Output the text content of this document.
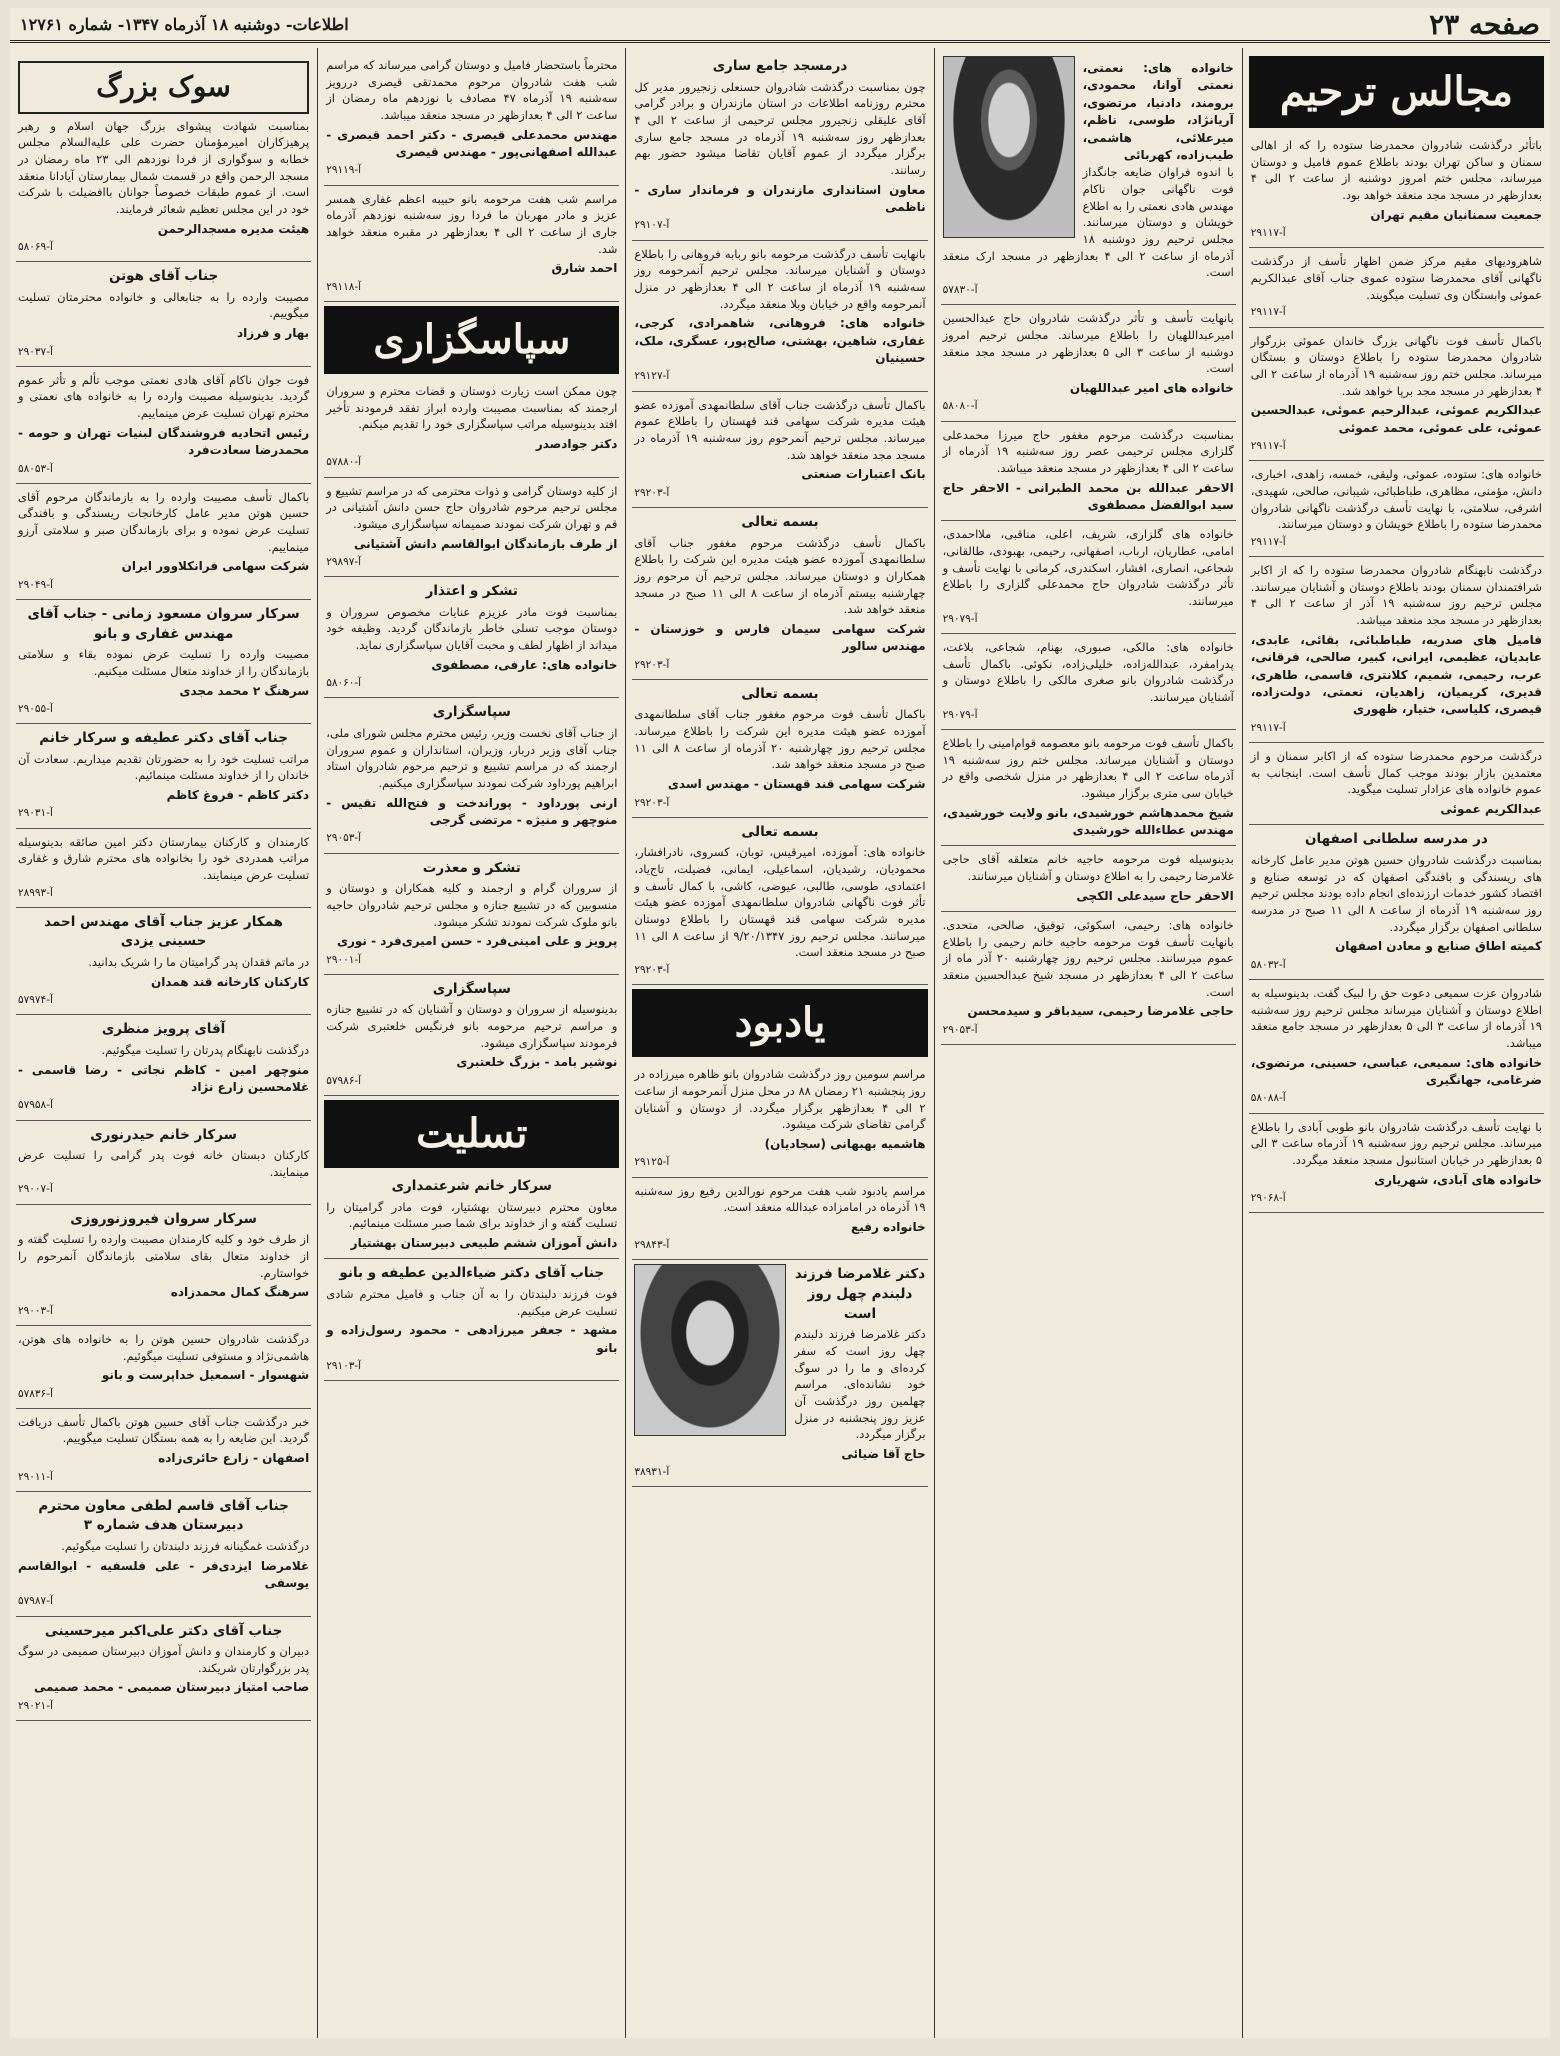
صفحه ۲۳
اطلاعات- دوشنبه ۱۸ آذرماه ۱۳۴۷- شماره ۱۲۷۶۱
مجالس ترحیم
باتأثر درگذشت شادروان محمدرضا ستوده را که از اهالی سمنان و ساکن تهران بودند باطلاع عموم فامیل و دوستان میرساند، مجلس ختم امروز دوشنبه از ساعت ۲ الی ۴ بعدازظهر در مسجد مجد منعقد خواهد بود.
جمعیت سمنانیان مقیم تهران
آ-۲۹۱۱۷
شاهرودیهای مقیم مرکز ضمن اظهار تأسف از درگذشت ناگهانی آقای محمدرضا ستوده عموی جناب آقای عبدالکریم عموئی وابستگان وی تسلیت میگویند.
آ-۲۹۱۱۷
باکمال تأسف فوت ناگهانی بزرگ خاندان عموئی بزرگوار شادروان محمدرضا ستوده را باطلاع دوستان و بستگان میرساند. مجلس ختم روز سه‌شنبه ۱۹ آذرماه از ساعت ۲ الی ۴ بعدازظهر در مسجد مجد برپا خواهد شد.
عبدالکریم عموئی، عبدالرحیم عموئی، عبدالحسین عموئی، علی عموئی، محمد عموئی
آ-۲۹۱۱۷
خانواده های: ستوده، عموئی، ولیقی، خمسه، زاهدی، اخباری، دانش، مؤمنی، مظاهری، طباطبائی، شیبانی، صالحی، شهیدی، اشرفی، سلامتی، با نهایت تأسف درگذشت ناگهانی شادروان محمدرضا ستوده را باطلاع خویشان و دوستان میرسانند.
آ-۲۹۱۱۷
درگذشت نابهنگام شادروان محمدرضا ستوده را که از اکابر شرافتمندان سمنان بودند باطلاع دوستان و آشنایان میرسانند. مجلس ترحیم روز سه‌شنبه ۱۹ آذر از ساعت ۲ الی ۴ بعدازظهر در مسجد مجد منعقد میباشد.
فامیل های صدریه، طباطبائی، بقائی، عابدی، عابدیان، عظیمی، ایرانی، کبیر، صالحی، فرقانی، عرب، رحیمی، شمیم، کلانتری، قاسمی، طاهری، قدیری، کریمیان، زاهدیان، نعمتی، دولت‌زاده، قیصری، کلیاسی، ختیار، ظهوری
آ-۲۹۱۱۷
درگذشت مرحوم محمدرضا ستوده که از اکابر سمنان و از معتمدین بازار بودند موجب کمال تأسف است. اینجانب به عموم خانواده های عزادار تسلیت میگوید.
عبدالکریم عموئی
در مدرسه سلطانی اصفهان
بمناسبت درگذشت شادروان حسین هوتن مدیر عامل کارخانه های ریسندگی و بافندگی اصفهان که در توسعه صنایع و اقتصاد کشور خدمات ارزنده‌ای انجام داده بودند مجلس ترحیم روز سه‌شنبه ۱۹ آذرماه از ساعت ۸ الی ۱۱ صبح در مدرسه سلطانی اصفهان برگزار میگردد.
کمیته اطاق صنایع و معادن اصفهان
آ-۵۸۰۳۲
شادروان عزت سمیعی دعوت حق را لبیک گفت. بدینوسیله به اطلاع دوستان و آشنایان میرساند مجلس ترحیم روز سه‌شنبه ۱۹ آذرماه از ساعت ۳ الی ۵ بعدازظهر در مسجد جامع منعقد میباشد.
خانواده های: سمیعی، عباسی، حسینی، مرتضوی، ضرغامی، جهانگیری
آ-۵۸۰۸۸
با نهایت تأسف درگذشت شادروان بانو طوبی آبادی را باطلاع میرساند. مجلس ترحیم روز سه‌شنبه ۱۹ آذرماه ساعت ۳ الی ۵ بعدازظهر در خیابان استانبول مسجد منعقد میگردد.
خانواده های آبادی، شهریاری
آ-۲۹۰۶۸
خانواده های: نعمتی، نعمتی آوانا، محمودی، برومند، دادنیا، مرتضوی، آریانژاد، طوسی، ناظم، میرعلائی، هاشمی، طیب‌زاده، کهربائی
با اندوه فراوان ضایعه جانگداز فوت ناگهانی جوان ناکام مهندس هادی نعمتی را به اطلاع خویشان و دوستان میرسانند. مجلس ترحیم روز دوشنبه ۱۸ آذرماه از ساعت ۲ الی ۴ بعدازظهر در مسجد ارک منعقد است.
آ-۵۷۸۳۰
بانهایت تأسف و تأثر درگذشت شادروان حاج عبدالحسین امیرعبداللهیان را باطلاع میرساند. مجلس ترحیم امروز دوشنبه از ساعت ۳ الی ۵ بعدازظهر در مسجد مجد منعقد است.
خانواده های امیر عبداللهیان
آ-۵۸۰۸۰
بمناسبت درگذشت مرحوم مغفور حاج میرزا محمدعلی گلزاری مجلس ترحیمی عصر روز سه‌شنبه ۱۹ آذرماه از ساعت ۲ الی ۴ بعدازظهر در مسجد منعقد میباشد.
الاحقر عبدالله بن محمد الطبرانی - الاحقر حاج سید ابوالفضل مصطفوی
خانواده های گلزاری، شریف، اعلی، مناقبی، ملااحمدی، امامی، عطاریان، ارباب، اصفهانی، رحیمی، بهبودی، طالقانی، شجاعی، انصاری، افشار، اسکندری، کرمانی با نهایت تأسف و تأثر درگذشت شادروان حاج محمدعلی گلزاری را باطلاع میرسانند.
آ-۲۹۰۷۹
خانواده های: مالکی، صبوری، بهنام، شجاعی، بلاغت، پدرامفرد، عبدالله‌زاده، خلیلی‌زاده، نکوئی. باکمال تأسف درگذشت شادروان بانو صغری مالکی را باطلاع دوستان و آشنایان میرسانند.
آ-۲۹۰۷۹
باکمال تأسف فوت مرحومه بانو معصومه قوام‌امینی را باطلاع دوستان و آشنایان میرساند. مجلس ختم روز سه‌شنبه ۱۹ آذرماه ساعت ۲ الی ۴ بعدازظهر در منزل شخصی واقع در خیابان سی متری برگزار میشود.
شیخ محمدهاشم خورشیدی، بانو ولایت خورشیدی، مهندس عطاءالله خورشیدی
بدینوسیله فوت مرحومه حاجیه خانم متعلقه آقای حاجی غلامرضا رحیمی را به اطلاع دوستان و آشنایان میرسانند.
الاحقر حاج سیدعلی الکچی
خانواده های: رحیمی، اسکوئی، توفیق، صالحی، متحدی. بانهایت تأسف فوت مرحومه حاجیه خانم رحیمی را باطلاع عموم میرسانند. مجلس ترحیم روز چهارشنبه ۲۰ آذر ماه از ساعت ۲ الی ۴ بعدازظهر در مسجد شیخ عبدالحسین منعقد است.
حاجی غلامرضا رحیمی، سیدباقر و سیدمحسن
آ-۲۹۰۵۳
درمسجد جامع ساری
چون بمناسبت درگذشت شادروان حسنعلی زنجیرور مدیر کل محترم روزنامه اطلاعات در استان مازندران و برادر گرامی آقای علیقلی زنجیرور مجلس ترحیمی از ساعت ۲ الی ۴ بعدازظهر روز سه‌شنبه ۱۹ آذرماه در مسجد جامع ساری برگزار میگردد از عموم آقایان تقاضا میشود حضور بهم رسانند.
معاون استانداری مازندران و فرماندار ساری - ناظمی
آ-۲۹۱۰۷
بانهایت تأسف درگذشت مرحومه بانو ربابه فروهانی را باطلاع دوستان و آشنایان میرساند. مجلس ترحیم آنمرحومه روز سه‌شنبه ۱۹ آذرماه از ساعت ۲ الی ۴ بعدازظهر در منزل آنمرحومه واقع در خیابان وبلا منعقد میگردد.
خانواده های: فروهانی، شاهمرادی، کرجی، غفاری، شاهین، بهشتی، صالح‌پور، عسگری، ملک، حسینیان
آ-۲۹۱۲۷
باکمال تأسف درگذشت جناب آقای سلطانمهدی آموزده عضو هیئت مدیره شرکت سهامی قند قهستان را باطلاع عموم میرساند. مجلس ترحیم آنمرحوم روز سه‌شنبه ۱۹ آذرماه در مسجد مجد منعقد خواهد شد.
بانک اعتبارات صنعتی
آ-۲۹۲۰۳
بسمه تعالی
باکمال تأسف درگذشت مرحوم مغفور جناب آقای سلطانمهدی آموزده عضو هیئت مدیره این شرکت را باطلاع همکاران و دوستان میرساند. مجلس ترحیم آن مرحوم روز چهارشنبه بیستم آذرماه از ساعت ۸ الی ۱۱ صبح در مسجد منعقد خواهد شد.
شرکت سهامی سیمان فارس و خوزستان - مهندس سالور
آ-۲۹۲۰۳
بسمه تعالی
باکمال تأسف فوت مرحوم مغفور جناب آقای سلطانمهدی آموزده عضو هیئت مدیره این شرکت را باطلاع میرساند. مجلس ترحیم روز چهارشنبه ۲۰ آذرماه از ساعت ۸ الی ۱۱ صبح در مسجد منعقد خواهد شد.
شرکت سهامی قند قهستان - مهندس اسدی
آ-۲۹۲۰۳
بسمه تعالی
خانواده های: آموزده، امیرقیس، توبان، کسروی، نادرافشار، محمودیان، رشیدیان، اسماعیلی، ایمانی، فضیلت، تاج‌یاد، اعتمادی، طوسی، طالبی، عیوضی، کاشی، با کمال تأسف و تأثر فوت ناگهانی شادروان سلطانمهدی آموزده عضو هیئت مدیره شرکت سهامی قند قهستان را باطلاع دوستان میرسانند. مجلس ترحیم روز ۹/۲۰/۱۳۴۷ از ساعت ۸ الی ۱۱ صبح در مسجد منعقد است.
آ-۲۹۲۰۳
یادبود
مراسم سومین روز درگذشت شادروان بانو ظاهره میرزاده در روز پنجشنبه ۲۱ رمضان ۸۸ در محل منزل آنمرحومه از ساعت ۲ الی ۴ بعدازظهر برگزار میگردد. از دوستان و آشنایان گرامی تقاضای شرکت میشود.
هاشمیه بهبهانی (سجادیان)
آ-۲۹۱۲۵
مراسم یادبود شب هفت مرحوم نورالدین رفیع روز سه‌شنبه ۱۹ آذرماه در امامزاده عبدالله منعقد است.
خانواده رفیع
آ-۲۹۸۴۳
دکتر غلامرضا فرزند دلبندم چهل روز است
دکتر غلامرضا فرزند دلبندم چهل روز است که سفر کرده‌ای و ما را در سوگ خود نشانده‌ای. مراسم چهلمین روز درگذشت آن عزیز روز پنجشنبه در منزل برگزار میگردد.
حاج آقا ضیائی
آ-۳۸۹۳۱
محترماً باستحضار فامیل و دوستان گرامی میرساند که مراسم شب هفت شادروان مرحوم محمدتقی قیصری دررویز سه‌شنبه ۱۹ آذرماه ۴۷ مصادف با نوزدهم ماه رمضان از ساعت ۲ الی ۴ بعدازظهر در مسجد منعقد میباشد.
مهندس محمدعلی قیصری - دکتر احمد قیصری - عبدالله اصفهانی‌پور - مهندس قیصری
آ-۲۹۱۱۹
مراسم شب هفت مرحومه بانو حبیبه اعظم غفاری همسر عزیز و مادر مهربان ما فردا روز سه‌شنبه نوزدهم آذرماه جاری از ساعت ۲ الی ۴ بعدازظهر در مقبره منعقد خواهد شد.
احمد شارق
آ-۲۹۱۱۸
سپاسگزاری
چون ممکن است زیارت دوستان و قضات محترم و سروران ارجمند که بمناسبت مصیبت وارده ابراز تفقد فرمودند تأخیر افتد بدینوسیله مراتب سپاسگزاری خود را تقدیم میکنم.
دکتر جوادصدر
آ-۵۷۸۸۰
از کلیه دوستان گرامی و ذوات محترمی که در مراسم تشییع و مجلس ترحیم مرحوم شادروان حاج حسن دانش آشتیانی در قم و تهران شرکت نمودند صمیمانه سپاسگزاری میشود.
از طرف بازماندگان ابوالقاسم دانش آشتیانی
آ-۲۹۸۹۷
تشکر و اعتذار
بمناسبت فوت مادر عزیزم عنایات مخصوص سروران و دوستان موجب تسلی خاطر بازماندگان گردید. وظیفه خود میداند از اظهار لطف و محبت آقایان سپاسگزاری نماید.
خانواده های: عارفی، مصطفوی
آ-۵۸۰۶۰
سپاسگزاری
از جناب آقای نخست وزیر، رئیس محترم مجلس شورای ملی، جناب آقای وزیر دربار، وزیران، استانداران و عموم سروران ارجمند که در مراسم تشییع و ترحیم مرحوم شادروان استاد ابراهیم پورداود شرکت نمودند سپاسگزاری میکنیم.
ارنی پورداود - پوراندخت و فتح‌الله تقیس - منوچهر و منیژه - مرتضی گرجی
آ-۲۹۰۵۳
تشکر و معذرت
از سروران گرام و ارجمند و کلیه همکاران و دوستان و منسوبین که در تشییع جنازه و مجلس ترحیم شادروان حاجیه بانو ملوک شرکت نمودند تشکر میشود.
پرویز و علی امینی‌فرد - حسن امیری‌فرد - نوری
آ-۲۹۰۰۱
سپاسگزاری
بدینوسیله از سروران و دوستان و آشنایان که در تشییع جنازه و مراسم ترحیم مرحومه بانو فرنگیس خلعتبری شرکت فرمودند سپاسگزاری میشود.
نوشیر بامد - بزرگ خلعتبری
آ-۵۷۹۸۶
تسلیت
سرکار خانم شرعتمداری
معاون محترم دبیرستان بهشتیار، فوت مادر گرامیتان را تسلیت گفته و از خداوند برای شما صبر مسئلت مینمائیم.
دانش آموزان ششم طبیعی دبیرستان بهشتیار
جناب آقای دکتر ضیاءالدین عطیفه و بانو
فوت فرزند دلبندتان را به آن جناب و فامیل محترم شادی تسلیت عرض میکنیم.
مشهد - جعفر میرزادهی - محمود رسول‌زاده و بانو
آ-۲۹۱۰۳
سوک بزرگ
بمناسبت شهادت پیشوای بزرگ جهان اسلام و رهبر پرهیزکاران امیرمؤمنان حضرت علی علیه‌السلام مجلس خطابه و سوگواری از فردا نوزدهم الی ۲۳ ماه رمضان در مسجد الرحمن واقع در قسمت شمال بیمارستان آیادانا منعقد است. از عموم طبقات خصوصاً جوانان باافضیلت با شرکت خود در این مجلس تعظیم شعائر فرمایند.
هیئت مدیره مسجدالرحمن
آ-۵۸۰۶۹
جناب آقای هوتن
مصیبت وارده را به جنابعالی و خانواده محترمتان تسلیت میگوییم.
بهار و فرزاد
آ-۲۹۰۳۷
فوت جوان ناکام آقای هادی نعمتی موجب تألم و تأثر عموم گردید. بدینوسیله مصیبت وارده را به خانواده های نعمتی و محترم تهران تسلیت عرض مینماییم.
رئیس اتحادیه فروشندگان لبنیات تهران و حومه - محمدرضا سعادت‌فرد
آ-۵۸۰۵۳
باکمال تأسف مصیبت وارده را به بازماندگان مرحوم آقای حسین هوتن مدیر عامل کارخانجات ریسندگی و بافندگی تسلیت عرض نموده و برای بازماندگان صبر و سلامتی آرزو مینماییم.
شرکت سهامی فرانکلاوور ایران
آ-۲۹۰۴۹
سرکار سروان مسعود زمانی - جناب آقای مهندس غفاری و بانو
مصیبت وارده را تسلیت عرض نموده بقاء و سلامتی بازماندگان را از خداوند متعال مسئلت میکنیم.
سرهنگ ۲ محمد مجدی
آ-۲۹۰۵۵
جناب آقای دکتر عطیفه و سرکار خانم
مراتب تسلیت خود را به حضورتان تقدیم میداریم. سعادت آن خاندان را از خداوند مسئلت مینمائیم.
دکتر کاظم - فروغ کاظم
آ-۲۹۰۳۱
کارمندان و کارکنان بیمارستان دکتر امین صائقه بدینوسیله مراتب همدردی خود را بخانواده های محترم شارق و غفاری تسلیت عرض مینمایند.
آ-۲۸۹۹۳
همکار عزیز جناب آقای مهندس احمد حسینی یزدی
در ماتم فقدان پدر گرامیتان ما را شریک بدانید.
کارکنان کارخانه قند همدان
آ-۵۷۹۷۴
آقای پرویز منظری
درگذشت نابهنگام پدرتان را تسلیت میگوئیم.
منوچهر امین - کاظم نجاتی - رضا قاسمی - غلامحسین زارع نژاد
آ-۵۷۹۵۸
سرکار خانم حیدرنوری
کارکنان دبستان خانه فوت پدر گرامی را تسلیت عرض مینمایند.
آ-۲۹۰۰۷
سرکار سروان فیروزنوروزی
از طرف خود و کلیه کارمندان مصیبت وارده را تسلیت گفته و از خداوند متعال بقای سلامتی بازماندگان آنمرحوم را خواستارم.
سرهنگ کمال محمدزاده
آ-۲۹۰۰۳
درگذشت شادروان حسین هوتن را به خانواده های هوتن، هاشمی‌نژاد و مستوفی تسلیت میگوئیم.
شهسوار - اسمعیل خداپرست و بانو
آ-۵۷۸۳۶
خبر درگذشت جناب آقای حسین هوتن باکمال تأسف دریافت گردید. این ضایعه را به همه بستگان تسلیت میگوییم.
اصفهان - زارع حائری‌زاده
آ-۲۹۰۱۱
جناب آقای قاسم لطفی معاون محترم دبیرستان هدف شماره ۳
درگذشت غمگینانه فرزند دلبندتان را تسلیت میگوئیم.
غلامرضا ایزدی‌فر - علی فلسفیه - ابوالقاسم یوسفی
آ-۵۷۹۸۷
جناب آقای دکتر علی‌اکبر میرحسینی
دبیران و کارمندان و دانش آموزان دبیرستان صمیمی در سوگ پدر بزرگوارتان شریکند.
صاحب امتیاز دبیرستان صمیمی - محمد صمیمی
آ-۲۹۰۲۱
